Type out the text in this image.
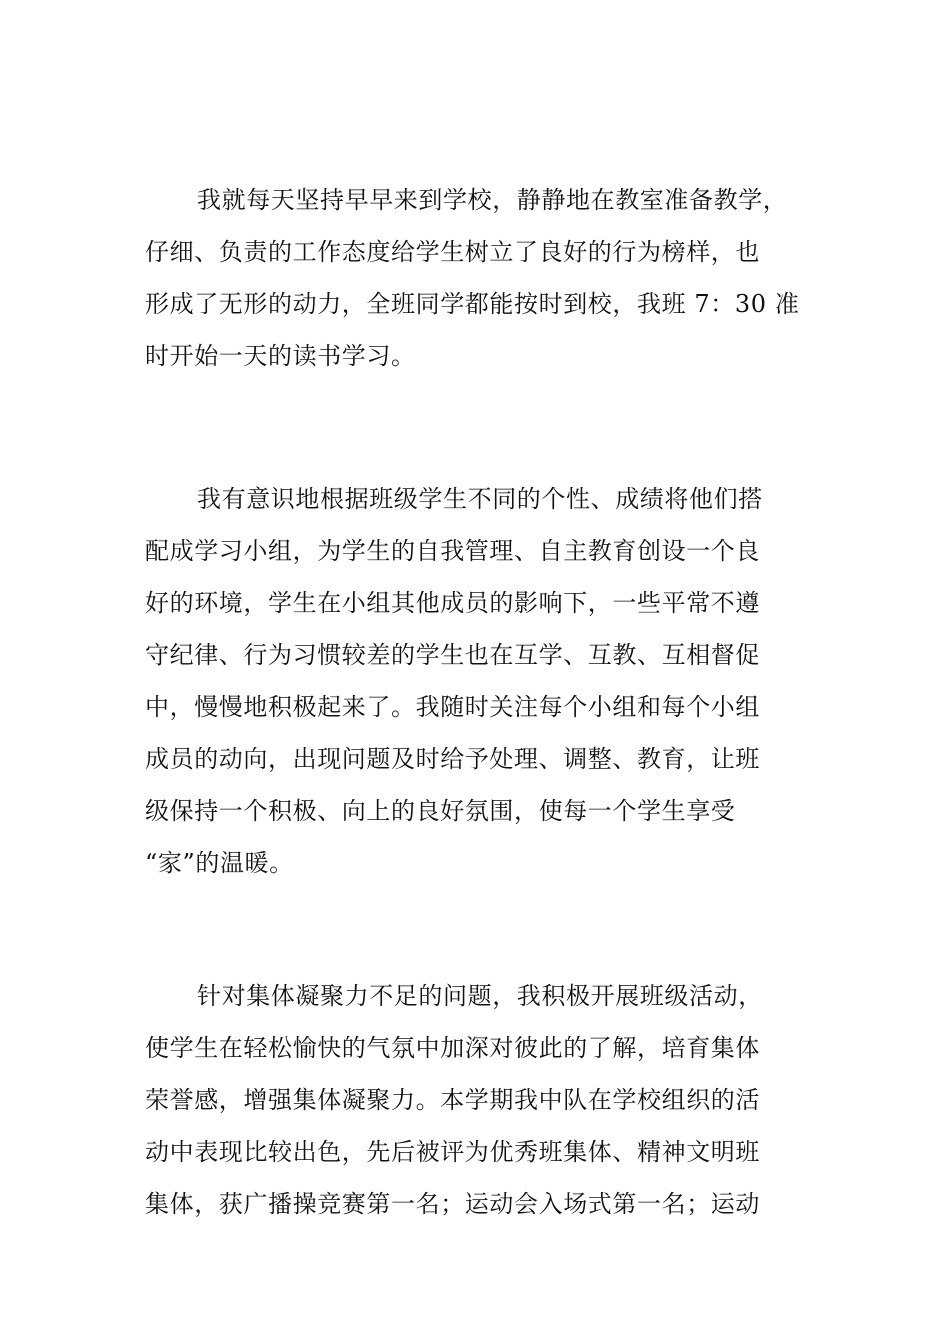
我就每天坚持早早来到学校，静静地在教室准备教学，
仔细、负责的工作态度给学生树立了良好的行为榜样，也
形成了无形的动力，全班同学都能按时到校，我班 7：30 准
时开始一天的读书学习。
我有意识地根据班级学生不同的个性、成绩将他们搭
配成学习小组，为学生的自我管理、自主教育创设一个良
好的环境，学生在小组其他成员的影响下，一些平常不遵
守纪律、行为习惯较差的学生也在互学、互教、互相督促
中，慢慢地积极起来了。我随时关注每个小组和每个小组
成员的动向，出现问题及时给予处理、调整、教育，让班
级保持一个积极、向上的良好氛围，使每一个学生享受
“家”的温暖。
针对集体凝聚力不足的问题，我积极开展班级活动，
使学生在轻松愉快的气氛中加深对彼此的了解，培育集体
荣誉感，增强集体凝聚力。本学期我中队在学校组织的活
动中表现比较出色，先后被评为优秀班集体、精神文明班
集体，获广播操竞赛第一名；运动会入场式第一名；运动
